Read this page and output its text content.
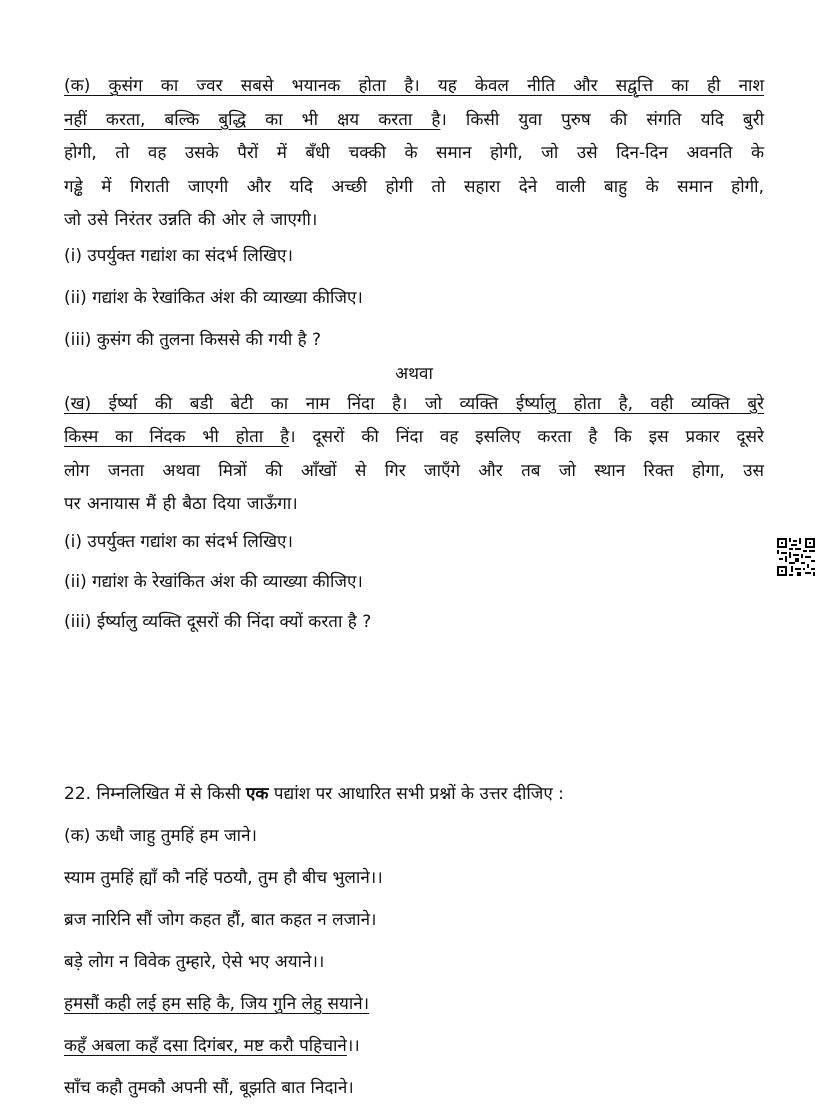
(क) कुसंग का ज्वर सबसे भयानक होता है। यह केवल नीति और सद्वृत्ति का ही नाश
नहीं करता, बल्कि बुद्धि का भी क्षय करता है। किसी युवा पुरुष की संगति यदि बुरी
होगी, तो वह उसके पैरों में बँधी चक्की के समान होगी, जो उसे दिन-दिन अवनति के
गड्ढे में गिराती जाएगी और यदि अच्छी होगी तो सहारा देने वाली बाहु के समान होगी,
जो उसे निरंतर उन्नति की ओर ले जाएगी।
(i) उपर्युक्त गद्यांश का संदर्भ लिखिए।
(ii) गद्यांश के रेखांकित अंश की व्याख्या कीजिए।
(iii) कुसंग की तुलना किससे की गयी है ?
अथवा
(ख) ईर्ष्या की बडी बेटी का नाम निंदा है। जो व्यक्ति ईर्ष्यालु होता है, वही व्यक्ति बुरे
किस्म का निंदक भी होता है। दूसरों की निंदा वह इसलिए करता है कि इस प्रकार दूसरे
लोग जनता अथवा मित्रों की आँखों से गिर जाएँगे और तब जो स्थान रिक्त होगा, उस
पर अनायास मैं ही बैठा दिया जाऊँगा।
(i) उपर्युक्त गद्यांश का संदर्भ लिखिए।
(ii) गद्यांश के रेखांकित अंश की व्याख्या कीजिए।
(iii) ईर्ष्यालु व्यक्ति दूसरों की निंदा क्यों करता है ?
22. निम्नलिखित में से किसी एक पद्यांश पर आधारित सभी प्रश्नों के उत्तर दीजिए :
(क) ऊधौ जाहु तुमहिं हम जाने।
स्याम तुमहिं ह्याँ कौ नहिं पठयौ, तुम हौ बीच भुलाने।।
ब्रज नारिनि सौं जोग कहत हौं, बात कहत न लजाने।
बड़े लोग न विवेक तुम्हारे, ऐसे भए अयाने।।
हमसौं कही लई हम सहि कै, जिय गुनि लेहु सयाने।
कहँ अबला कहँ दसा दिगंबर, मष्ट करौ पहिचाने।।
साँच कहौ तुमकौ अपनी सौं, बूझति बात निदाने।
